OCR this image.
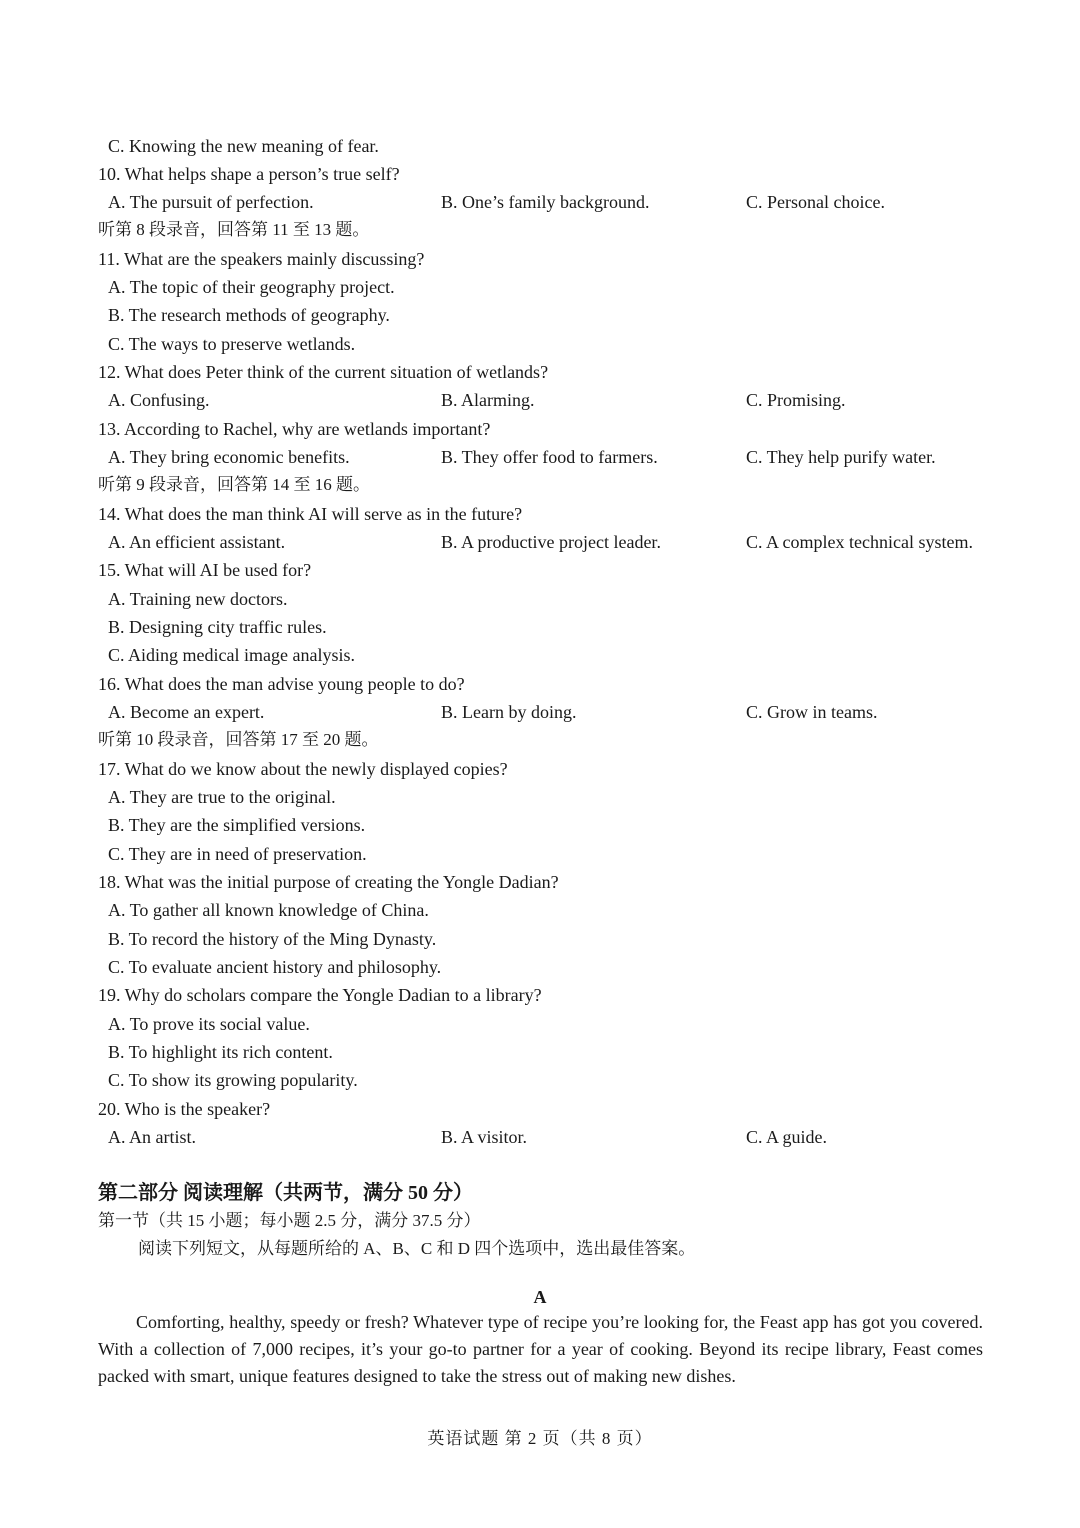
C. Knowing the new meaning of fear.
10. What helps shape a person’s true self?
A. The pursuit of perfection.	B. One’s family background.	C. Personal choice.
听第 8 段录音，回答第 11 至 13 题。
11. What are the speakers mainly discussing?
A. The topic of their geography project.
B. The research methods of geography.
C. The ways to preserve wetlands.
12. What does Peter think of the current situation of wetlands?
A. Confusing.	B. Alarming.	C. Promising.
13. According to Rachel, why are wetlands important?
A. They bring economic benefits.	B. They offer food to farmers.	C. They help purify water.
听第 9 段录音，回答第 14 至 16 题。
14. What does the man think AI will serve as in the future?
A. An efficient assistant.	B. A productive project leader.	C. A complex technical system.
15. What will AI be used for?
A. Training new doctors.
B. Designing city traffic rules.
C. Aiding medical image analysis.
16. What does the man advise young people to do?
A. Become an expert.	B. Learn by doing.	C. Grow in teams.
听第 10 段录音，回答第 17 至 20 题。
17. What do we know about the newly displayed copies?
A. They are true to the original.
B. They are the simplified versions.
C. They are in need of preservation.
18. What was the initial purpose of creating the Yongle Dadian?
A. To gather all known knowledge of China.
B. To record the history of the Ming Dynasty.
C. To evaluate ancient history and philosophy.
19. Why do scholars compare the Yongle Dadian to a library?
A. To prove its social value.
B. To highlight its rich content.
C. To show its growing popularity.
20. Who is the speaker?
A. An artist.	B. A visitor.	C. A guide.
第二部分 阅读理解（共两节，满分 50 分）
第一节（共 15 小题；每小题 2.5 分，满分 37.5 分）
阅读下列短文，从每题所给的 A、B、C 和 D 四个选项中，选出最佳答案。
A
Comforting, healthy, speedy or fresh? Whatever type of recipe you’re looking for, the Feast app has got you covered. With a collection of 7,000 recipes, it’s your go-to partner for a year of cooking. Beyond its recipe library, Feast comes packed with smart, unique features designed to take the stress out of making new dishes.
英语试题 第 2 页（共 8 页）
